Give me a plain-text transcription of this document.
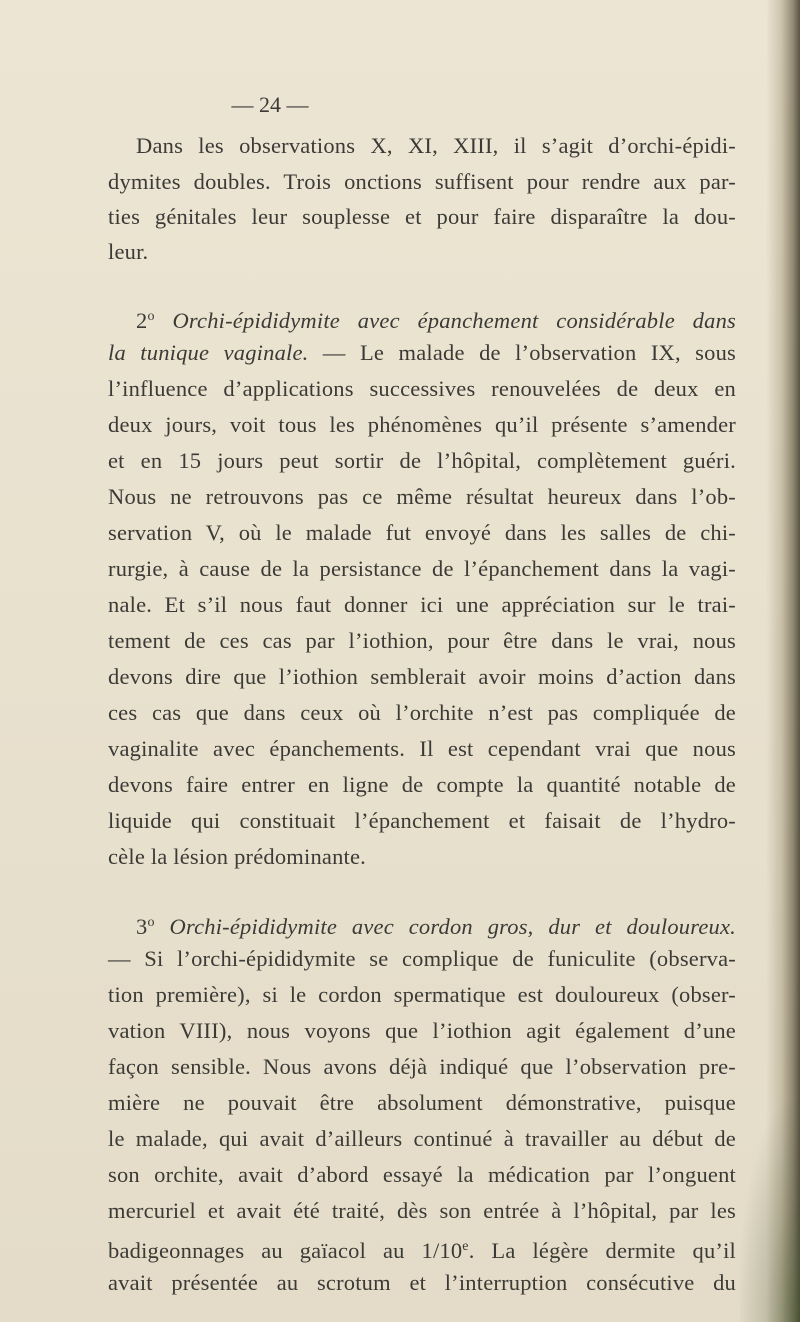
— 24 —
Dans les observations X, XI, XIII, il s’agit d’orchi-épidi-
dymites doubles. Trois onctions suffisent pour rendre aux par-
ties génitales leur souplesse et pour faire disparaître la dou-
leur.
2$^o$ Orchi-épididymite avec épanchement considérable dans
la tunique vaginale. — Le malade de l’observation IX, sous
l’influence d’applications successives renouvelées de deux en
deux jours, voit tous les phénomènes qu’il présente s’amender
et en 15 jours peut sortir de l’hôpital, complètement guéri.
Nous ne retrouvons pas ce même résultat heureux dans l’ob-
servation V, où le malade fut envoyé dans les salles de chi-
rurgie, à cause de la persistance de l’épanchement dans la vagi-
nale. Et s’il nous faut donner ici une appréciation sur le trai-
tement de ces cas par l’iothion, pour être dans le vrai, nous
devons dire que l’iothion semblerait avoir moins d’action dans
ces cas que dans ceux où l’orchite n’est pas compliquée de
vaginalite avec épanchements. Il est cependant vrai que nous
devons faire entrer en ligne de compte la quantité notable de
liquide qui constituait l’épanchement et faisait de l’hydro-
cèle la lésion prédominante.
3$^o$ Orchi-épididymite avec cordon gros, dur et douloureux.
— Si l’orchi-épididymite se complique de funiculite (observa-
tion première), si le cordon spermatique est douloureux (obser-
vation VIII), nous voyons que l’iothion agit également d’une
façon sensible. Nous avons déjà indiqué que l’observation pre-
mière ne pouvait être absolument démonstrative, puisque
le malade, qui avait d’ailleurs continué à travailler au début de
son orchite, avait d’abord essayé la médication par l’onguent
mercuriel et avait été traité, dès son entrée à l’hôpital, par les
badigeonnages au gaïacol au 1/10e. La légère dermite qu’il
avait présentée au scrotum et l’interruption consécutive du
